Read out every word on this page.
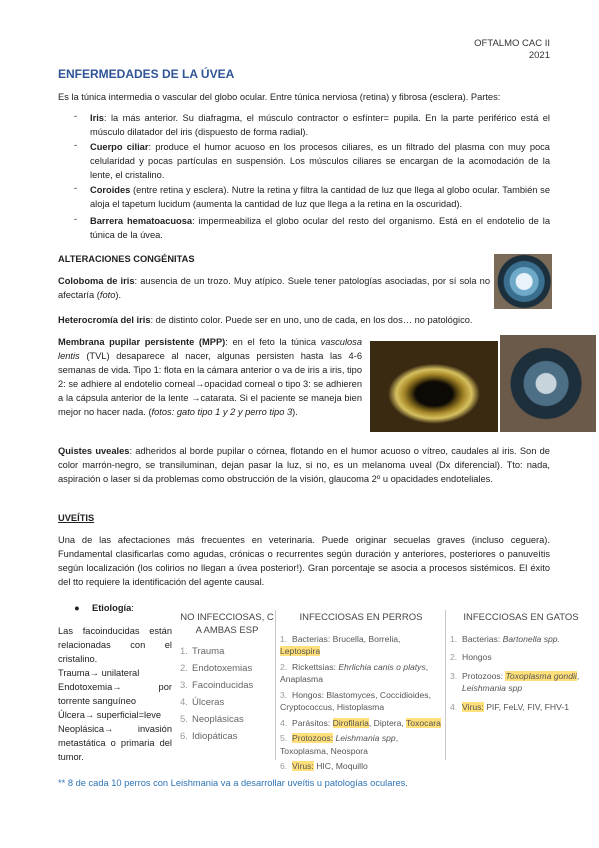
OFTALMO CAC II
2021
ENFERMEDADES DE LA ÚVEA
Es la túnica intermedia o vascular del globo ocular. Entre túnica nerviosa (retina) y fibrosa (esclera). Partes:
- Iris: la más anterior. Su diafragma, el músculo contractor o esfínter= pupila. En la parte periférico está el músculo dilatador del iris (dispuesto de forma radial).
- Cuerpo ciliar: produce el humor acuoso en los procesos ciliares, es un filtrado del plasma con muy poca celularidad y pocas partículas en suspensión. Los músculos ciliares se encargan de la acomodación de la lente, el cristalino.
- Coroides (entre retina y esclera). Nutre la retina y filtra la cantidad de luz que llega al globo ocular. También se aloja el tapetum lucidum (aumenta la cantidad de luz que llega a la retina en la oscuridad).
- Barrera hematoacuosa: impermeabiliza el globo ocular del resto del organismo. Está en el endotelio de la túnica de la úvea.
ALTERACIONES CONGÉNITAS
Coloboma de iris: ausencia de un trozo. Muy atípico. Suele tener patologías asociadas, por sí sola no afectaría (foto).
Heterocromía del iris: de distinto color. Puede ser en uno, uno de cada, en los dos… no patológico.
Membrana pupilar persistente (MPP): en el feto la túnica vasculosa lentis (TVL) desaparece al nacer, algunas persisten hasta las 4-6 semanas de vida. Tipo 1: flota en la cámara anterior o va de iris a iris, tipo 2: se adhiere al endotelio corneal→opacidad corneal o tipo 3: se adhieren a la cápsula anterior de la lente →catarata. Si el paciente se maneja bien mejor no hacer nada. (fotos: gato tipo 1 y 2 y perro tipo 3).
Quistes uveales: adheridos al borde pupilar o córnea, flotando en el humor acuoso o vítreo, caudales al iris. Son de color marrón-negro, se transiluminan, dejan pasar la luz, si no, es un melanoma uveal (Dx diferencial). Tto: nada, aspiración o laser si da problemas como obstrucción de la visión, glaucoma 2º u opacidades endoteliales.
UVEÍTIS
Una de las afectaciones más frecuentes en veterinaria. Puede originar secuelas graves (incluso ceguera). Fundamental clasificarlas como agudas, crónicas o recurrentes según duración y anteriores, posteriores o panuveítis según localización (los colirios no llegan a úvea posterior!). Gran porcentaje se asocia a procesos sistémicos. El éxito del tto requiere la identificación del agente causal.
● Etiología:
Las facoinducidas están relacionadas con el cristalino.
Trauma→ unilateral
Endotoxemia→ por torrente sanguíneo
Úlcera→ superficial=leve
Neoplásica→ invasión metastática o primaria del tumor.
NO INFECCIOSAS, C
A AMBAS ESP
1. Trauma
2. Endotoxemias
3. Facoinducidas
4. Úlceras
5. Neoplásicas
6. Idiopáticas
INFECCIOSAS EN PERROS
1. Bacterias: Brucella, Borrelia, Leptospira
2. Rickettsias: Ehrlichia canis o platys, Anaplasma
3. Hongos: Blastomyces, Coccidioides, Cryptococcus, Histoplasma
4. Parásitos: Dirofilaria, Diptera, Toxocara
5. Protozoos: Leishmania spp, Toxoplasma, Neospora
6. Virus: HIC, Moquillo
INFECCIOSAS EN GATOS
1. Bacterias: Bartonella spp.
2. Hongos
3. Protozoos: Toxoplasma gondii,
Leishmania spp
4. Virus: PIF, FeLV, FIV, FHV-1
** 8 de cada 10 perros con Leishmania va a desarrollar uveítis u patologías oculares.
